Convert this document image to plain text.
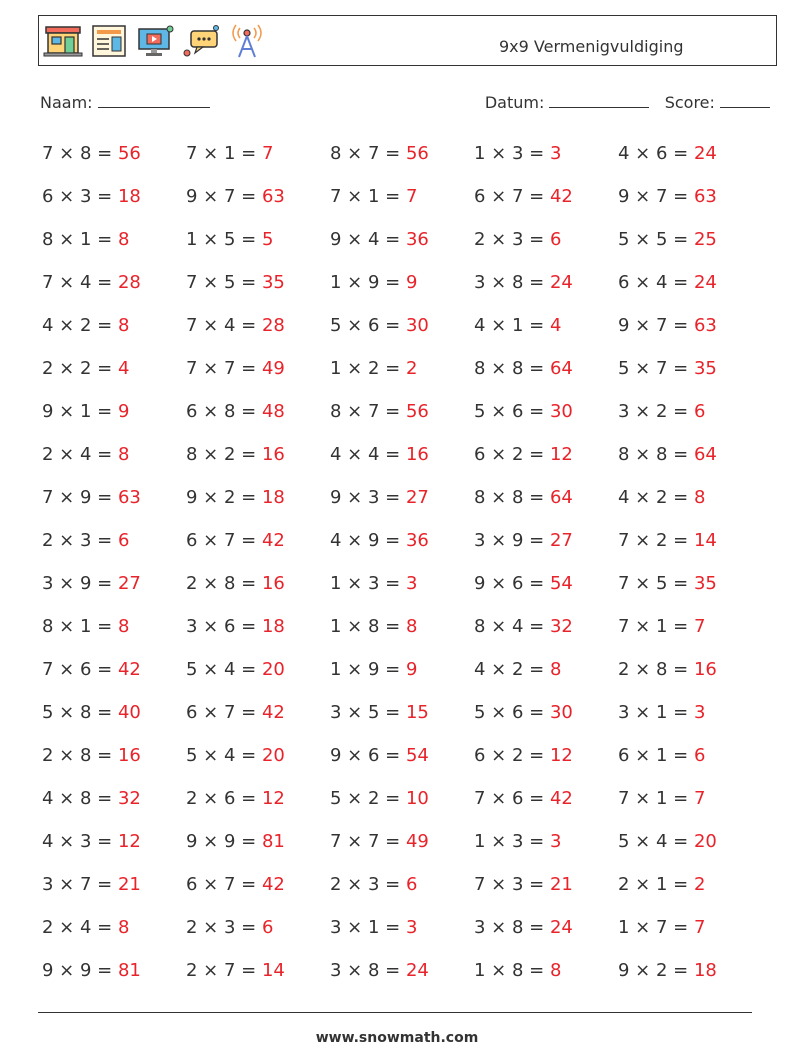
9x9 Vermenigvuldiging
Naam:	Datum:	Score:
7 × 8 = 56	7 × 1 = 7	8 × 7 = 56	1 × 3 = 3	4 × 6 = 24
6 × 3 = 18	9 × 7 = 63	7 × 1 = 7	6 × 7 = 42	9 × 7 = 63
8 × 1 = 8	1 × 5 = 5	9 × 4 = 36	2 × 3 = 6	5 × 5 = 25
7 × 4 = 28	7 × 5 = 35	1 × 9 = 9	3 × 8 = 24	6 × 4 = 24
4 × 2 = 8	7 × 4 = 28	5 × 6 = 30	4 × 1 = 4	9 × 7 = 63
2 × 2 = 4	7 × 7 = 49	1 × 2 = 2	8 × 8 = 64	5 × 7 = 35
9 × 1 = 9	6 × 8 = 48	8 × 7 = 56	5 × 6 = 30	3 × 2 = 6
2 × 4 = 8	8 × 2 = 16	4 × 4 = 16	6 × 2 = 12	8 × 8 = 64
7 × 9 = 63	9 × 2 = 18	9 × 3 = 27	8 × 8 = 64	4 × 2 = 8
2 × 3 = 6	6 × 7 = 42	4 × 9 = 36	3 × 9 = 27	7 × 2 = 14
3 × 9 = 27	2 × 8 = 16	1 × 3 = 3	9 × 6 = 54	7 × 5 = 35
8 × 1 = 8	3 × 6 = 18	1 × 8 = 8	8 × 4 = 32	7 × 1 = 7
7 × 6 = 42	5 × 4 = 20	1 × 9 = 9	4 × 2 = 8	2 × 8 = 16
5 × 8 = 40	6 × 7 = 42	3 × 5 = 15	5 × 6 = 30	3 × 1 = 3
2 × 8 = 16	5 × 4 = 20	9 × 6 = 54	6 × 2 = 12	6 × 1 = 6
4 × 8 = 32	2 × 6 = 12	5 × 2 = 10	7 × 6 = 42	7 × 1 = 7
4 × 3 = 12	9 × 9 = 81	7 × 7 = 49	1 × 3 = 3	5 × 4 = 20
3 × 7 = 21	6 × 7 = 42	2 × 3 = 6	7 × 3 = 21	2 × 1 = 2
2 × 4 = 8	2 × 3 = 6	3 × 1 = 3	3 × 8 = 24	1 × 7 = 7
9 × 9 = 81	2 × 7 = 14	3 × 8 = 24	1 × 8 = 8	9 × 2 = 18
www.snowmath.com
